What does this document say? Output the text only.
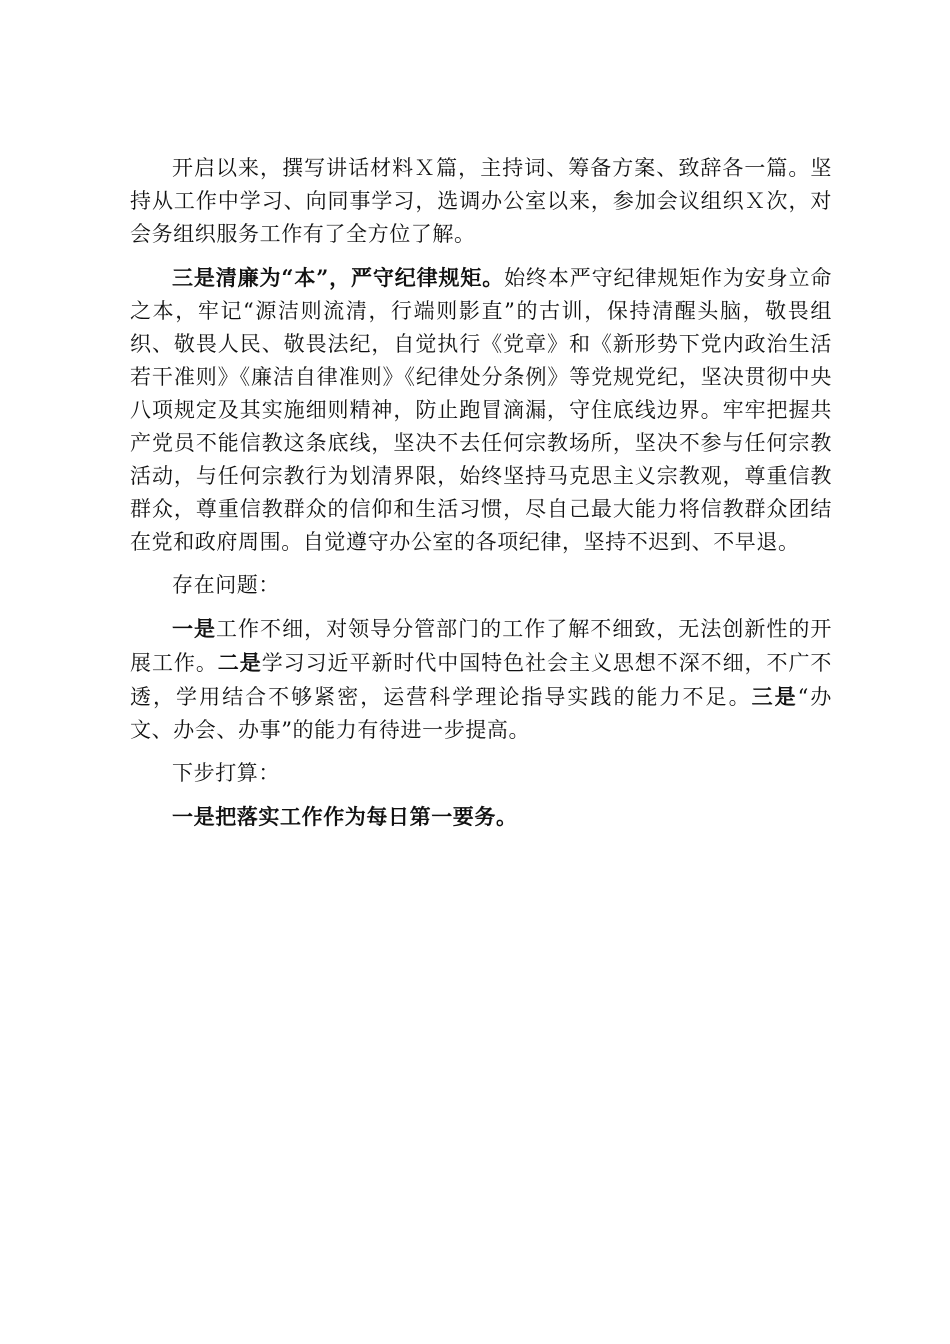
开启以来，撰写讲话材料Ｘ篇，主持词、筹备方案、致辞各一篇。坚持从工作中学习、向同事学习，选调办公室以来，参加会议组织Ｘ次，对会务组织服务工作有了全方位了解。

三是清廉为“本”，严守纪律规矩。始终本严守纪律规矩作为安身立命之本，牢记“源洁则流清，行端则影直”的古训，保持清醒头脑，敬畏组织、敬畏人民、敬畏法纪，自觉执行《党章》和《新形势下党内政治生活若干准则》《廉洁自律准则》《纪律处分条例》等党规党纪，坚决贯彻中央八项规定及其实施细则精神，防止跑冒滴漏，守住底线边界。牢牢把握共产党员不能信教这条底线，坚决不去任何宗教场所，坚决不参与任何宗教活动，与任何宗教行为划清界限，始终坚持马克思主义宗教观，尊重信教群众，尊重信教群众的信仰和生活习惯，尽自己最大能力将信教群众团结在党和政府周围。自觉遵守办公室的各项纪律，坚持不迟到、不早退。

存在问题：

一是工作不细，对领导分管部门的工作了解不细致，无法创新性的开展工作。二是学习习近平新时代中国特色社会主义思想不深不细，不广不透，学用结合不够紧密，运营科学理论指导实践的能力不足。三是“办文、办会、办事”的能力有待进一步提高。

下步打算：

一是把落实工作作为每日第一要务。
